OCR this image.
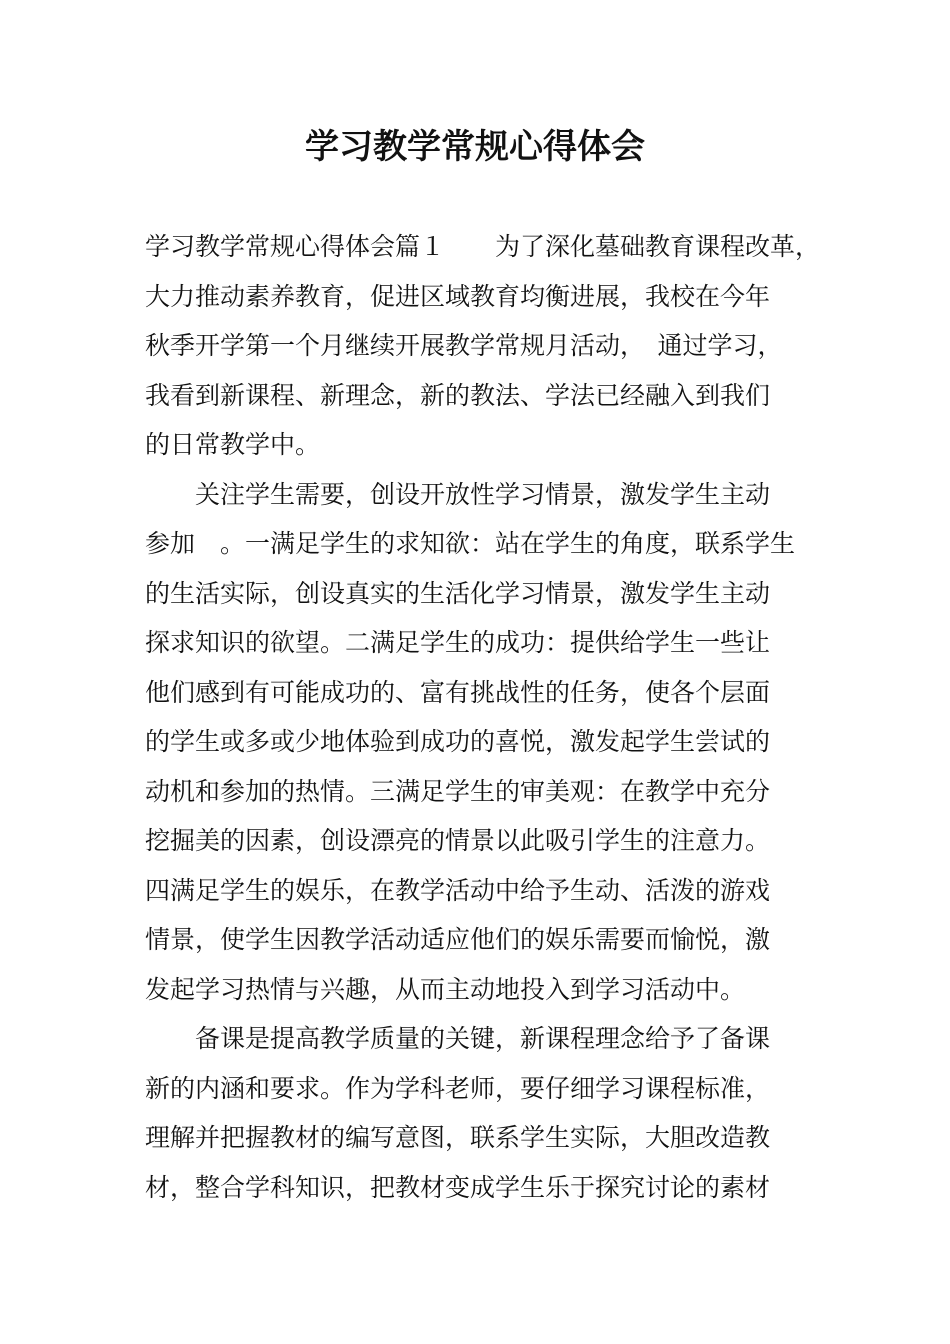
学习教学常规心得体会
学习教学常规心得体会篇１　　为了深化墓础教育课程改革，
大力推动素养教育，促进区域教育均衡进展，我校在今年
秋季开学第一个月继续开展教学常规月活动，　通过学习，
我看到新课程、新理念，新的教法、学法已经融入到我们
的日常教学中。
关注学生需要，创设开放性学习情景，激发学生主动
参加　。一满足学生的求知欲：站在学生的角度，联系学生
的生活实际，创设真实的生活化学习情景，激发学生主动
探求知识的欲望。二满足学生的成功：提供给学生一些让
他们感到有可能成功的、富有挑战性的任务，使各个层面
的学生或多或少地体验到成功的喜悦，激发起学生尝试的
动机和参加的热情。三满足学生的审美观：在教学中充分
挖掘美的因素，创设漂亮的情景以此吸引学生的注意力。
四满足学生的娱乐，在教学活动中给予生动、活泼的游戏
情景，使学生因教学活动适应他们的娱乐需要而愉悦，激
发起学习热情与兴趣，从而主动地投入到学习活动中。
备课是提高教学质量的关键，新课程理念给予了备课
新的内涵和要求。作为学科老师，要仔细学习课程标准，
理解并把握教材的编写意图，联系学生实际，大胆改造教
材，整合学科知识，把教材变成学生乐于探究讨论的素材
